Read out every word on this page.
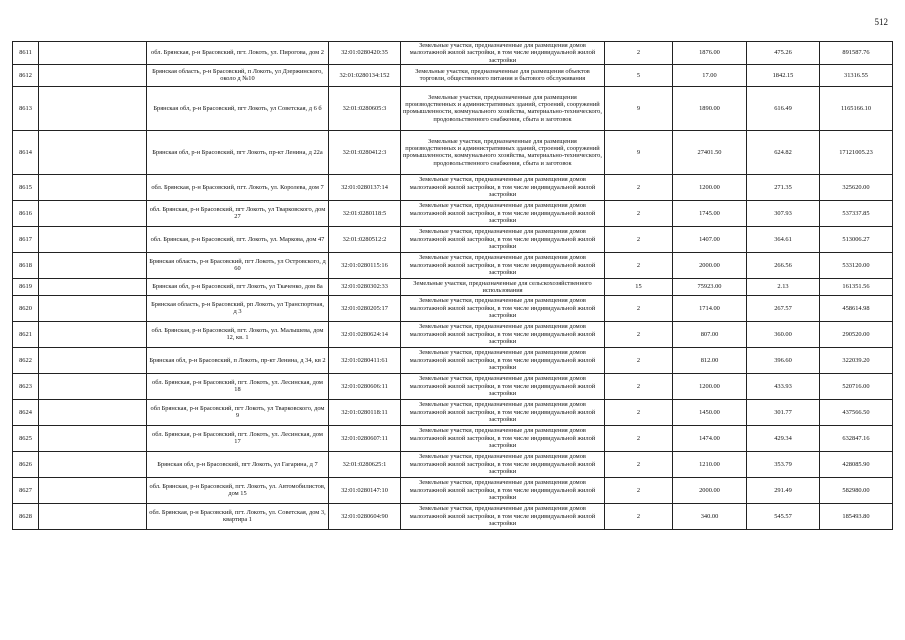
512
8611		обл. Брянская, р-н Брасовский, пгт. Локоть, ул. Пирогова, дом 2	32:01:0280420:35	Земельные участки, предназначенные для размещения домов малоэтажной жилой застройки, в том числе индивидуальной жилой застройки	2	1876.00	475.26	891587.76
8612		Брянская область, р-н Брасовский, п Локоть, ул Дзержинского, около д №10	32:01:0280134:152	Земельные участки, предназначенные для размещения объектов торговли, общественного питания и бытового обслуживания	5	17.00	1842.15	31316.55
8613		Брянская обл, р-н Брасовский, пгт Локоть, ул Советская, д 6 б	32:01:0280605:3	Земельные участки, предназначенные для размещения производственных и административных зданий, строений, сооружений промышленности, коммунального хозяйства, материально-технического, продовольственного снабжения, сбыта и заготовок	9	1890.00	616.49	1165166.10
8614		Брянская обл, р-н Брасовский, пгт Локоть, пр-кт Ленина, д 22а	32:01:0280412:3	Земельные участки, предназначенные для размещения производственных и административных зданий, строений, сооружений промышленности, коммунального хозяйства, материально-технического, продовольственного снабжения, сбыта и заготовок	9	27401.50	624.82	17121005.23
8615		обл. Брянская, р-н Брасовский, пгт. Локоть, ул. Королева, дом 7	32:01:0280137:14	Земельные участки, предназначенные для размещения домов малоэтажной жилой застройки, в том числе индивидуальной жилой застройки	2	1200.00	271.35	325620.00
8616		обл. Брянская, р-н Брасовский, пгт Локоть, ул Тварковского, дом 27	32:01:0280118:5	Земельные участки, предназначенные для размещения домов малоэтажной жилой застройки, в том числе индивидуальной жилой застройки	2	1745.00	307.93	537337.85
8617		обл. Брянская, р-н Брасовский, пгт. Локоть, ул. Маркова, дом 47	32:01:0280512:2	Земельные участки, предназначенные для размещения домов малоэтажной жилой застройки, в том числе индивидуальной жилой застройки	2	1407.00	364.61	513006.27
8618		Брянская область, р-н Брасовский, пгт Локоть, ул Островского, д 60	32:01:0280115:16	Земельные участки, предназначенные для размещения домов малоэтажной жилой застройки, в том числе индивидуальной жилой застройки	2	2000.00	266.56	533120.00
8619		Брянская обл, р-н Брасовский, пгт Локоть, ул Ткаченко, дом 8а	32:01:0280302:33	Земельные участки, предназначенные для сельскохозяйственного использования	15	75923.00	2.13	161351.56
8620		Брянская область, р-н Брасовский, рп Локоть, ул Транспортная, д 3	32:01:0280205:17	Земельные участки, предназначенные для размещения домов малоэтажной жилой застройки, в том числе индивидуальной жилой застройки	2	1714.00	267.57	458614.98
8621		обл. Брянская, р-н Брасовский, пгт. Локоть, ул. Малышева, дом 12, кв. 1	32:01:0280624:14	Земельные участки, предназначенные для размещения домов малоэтажной жилой застройки, в том числе индивидуальной жилой застройки	2	807.00	360.00	290520.00
8622		Брянская обл, р-н Брасовский, п Локоть, пр-кт Ленина, д 34, кв 2	32:01:0280411:61	Земельные участки, предназначенные для размещения домов малоэтажной жилой застройки, в том числе индивидуальной жилой застройки	2	812.00	396.60	322039.20
8623		обл. Брянская, р-н Брасовский, пгт. Локоть, ул. Лесинская, дом 18	32:01:0280606:11	Земельные участки, предназначенные для размещения домов малоэтажной жилой застройки, в том числе индивидуальной жилой застройки	2	1200.00	433.93	520716.00
8624		обл Брянская, р-н Брасовский, пгт Локоть, ул Тварковского, дом 9	32:01:0280118:11	Земельные участки, предназначенные для размещения домов малоэтажной жилой застройки, в том числе индивидуальной жилой застройки	2	1450.00	301.77	437566.50
8625		обл. Брянская, р-н Брасовский, пгт. Локоть, ул. Лесинская, дом 17	32:01:0280607:11	Земельные участки, предназначенные для размещения домов малоэтажной жилой застройки, в том числе индивидуальной жилой застройки	2	1474.00	429.34	632847.16
8626		Брянская обл, р-н Брасовский, пгт Локоть, ул Гагарина, д 7	32:01:0280625:1	Земельные участки, предназначенные для размещения домов малоэтажной жилой застройки, в том числе индивидуальной жилой застройки	2	1210.00	353.79	428085.90
8627		обл. Брянская, р-н Брасовский, пгт. Локоть, ул. Автомобилистов, дом 15	32:01:0280147:10	Земельные участки, предназначенные для размещения домов малоэтажной жилой застройки, в том числе индивидуальной жилой застройки	2	2000.00	291.49	582980.00
8628		обл. Брянская, р-н Брасовский, пгт. Локоть, ул. Советская, дом 3, квартира 1	32:01:0280604:90	Земельные участки, предназначенные для размещения домов малоэтажной жилой застройки, в том числе индивидуальной жилой застройки	2	340.00	545.57	185493.80
